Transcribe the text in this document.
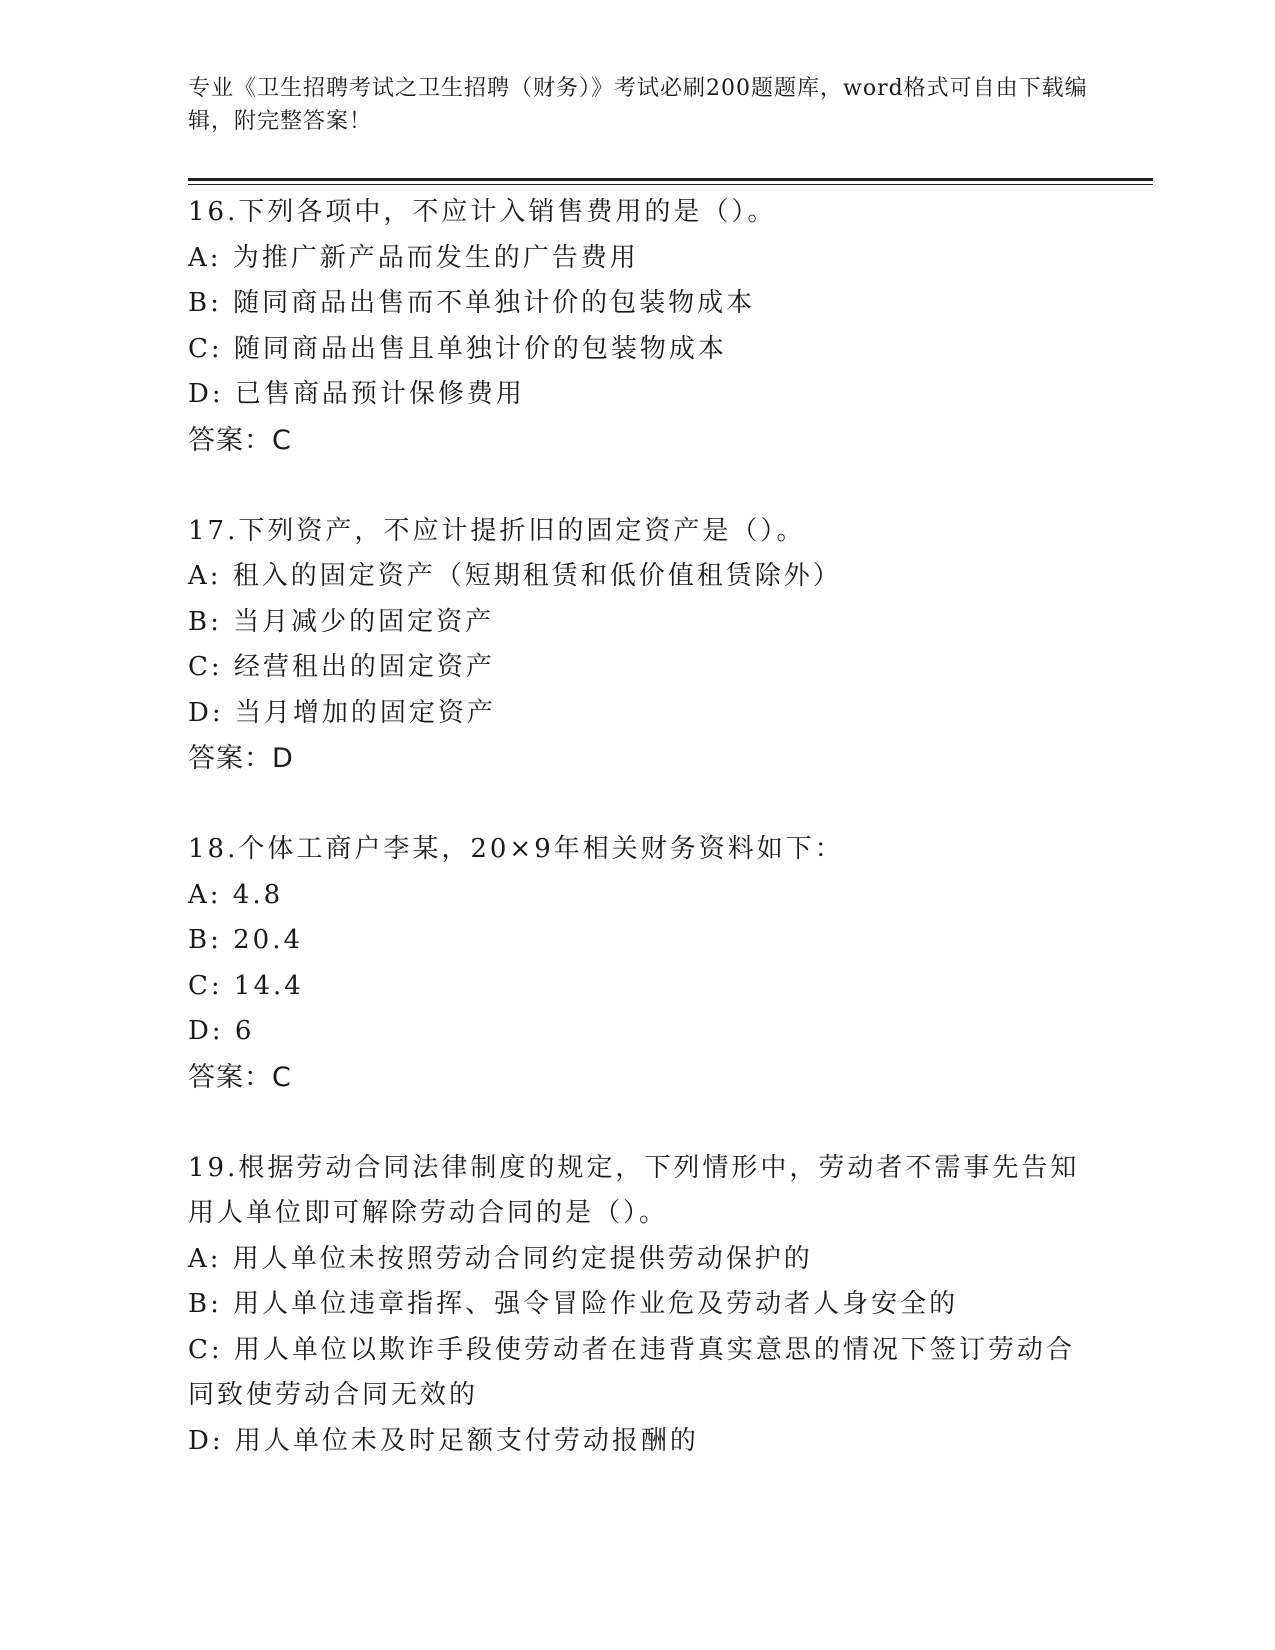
专业《卫生招聘考试之卫生招聘（财务）》考试必刷200题题库，word格式可自由下载编辑，附完整答案！
16.下列各项中，不应计入销售费用的是（）。
A: 为推广新产品而发生的广告费用
B: 随同商品出售而不单独计价的包装物成本
C: 随同商品出售且单独计价的包装物成本
D: 已售商品预计保修费用
答案：C
17.下列资产，不应计提折旧的固定资产是（）。
A: 租入的固定资产（短期租赁和低价值租赁除外）
B: 当月减少的固定资产
C: 经营租出的固定资产
D: 当月增加的固定资产
答案：D
18.个体工商户李某，20×9年相关财务资料如下：
A: 4.8
B: 20.4
C: 14.4
D: 6
答案：C
19.根据劳动合同法律制度的规定，下列情形中，劳动者不需事先告知用人单位即可解除劳动合同的是（）。
A: 用人单位未按照劳动合同约定提供劳动保护的
B: 用人单位违章指挥、强令冒险作业危及劳动者人身安全的
C: 用人单位以欺诈手段使劳动者在违背真实意思的情况下签订劳动合同致使劳动合同无效的
D: 用人单位未及时足额支付劳动报酬的
